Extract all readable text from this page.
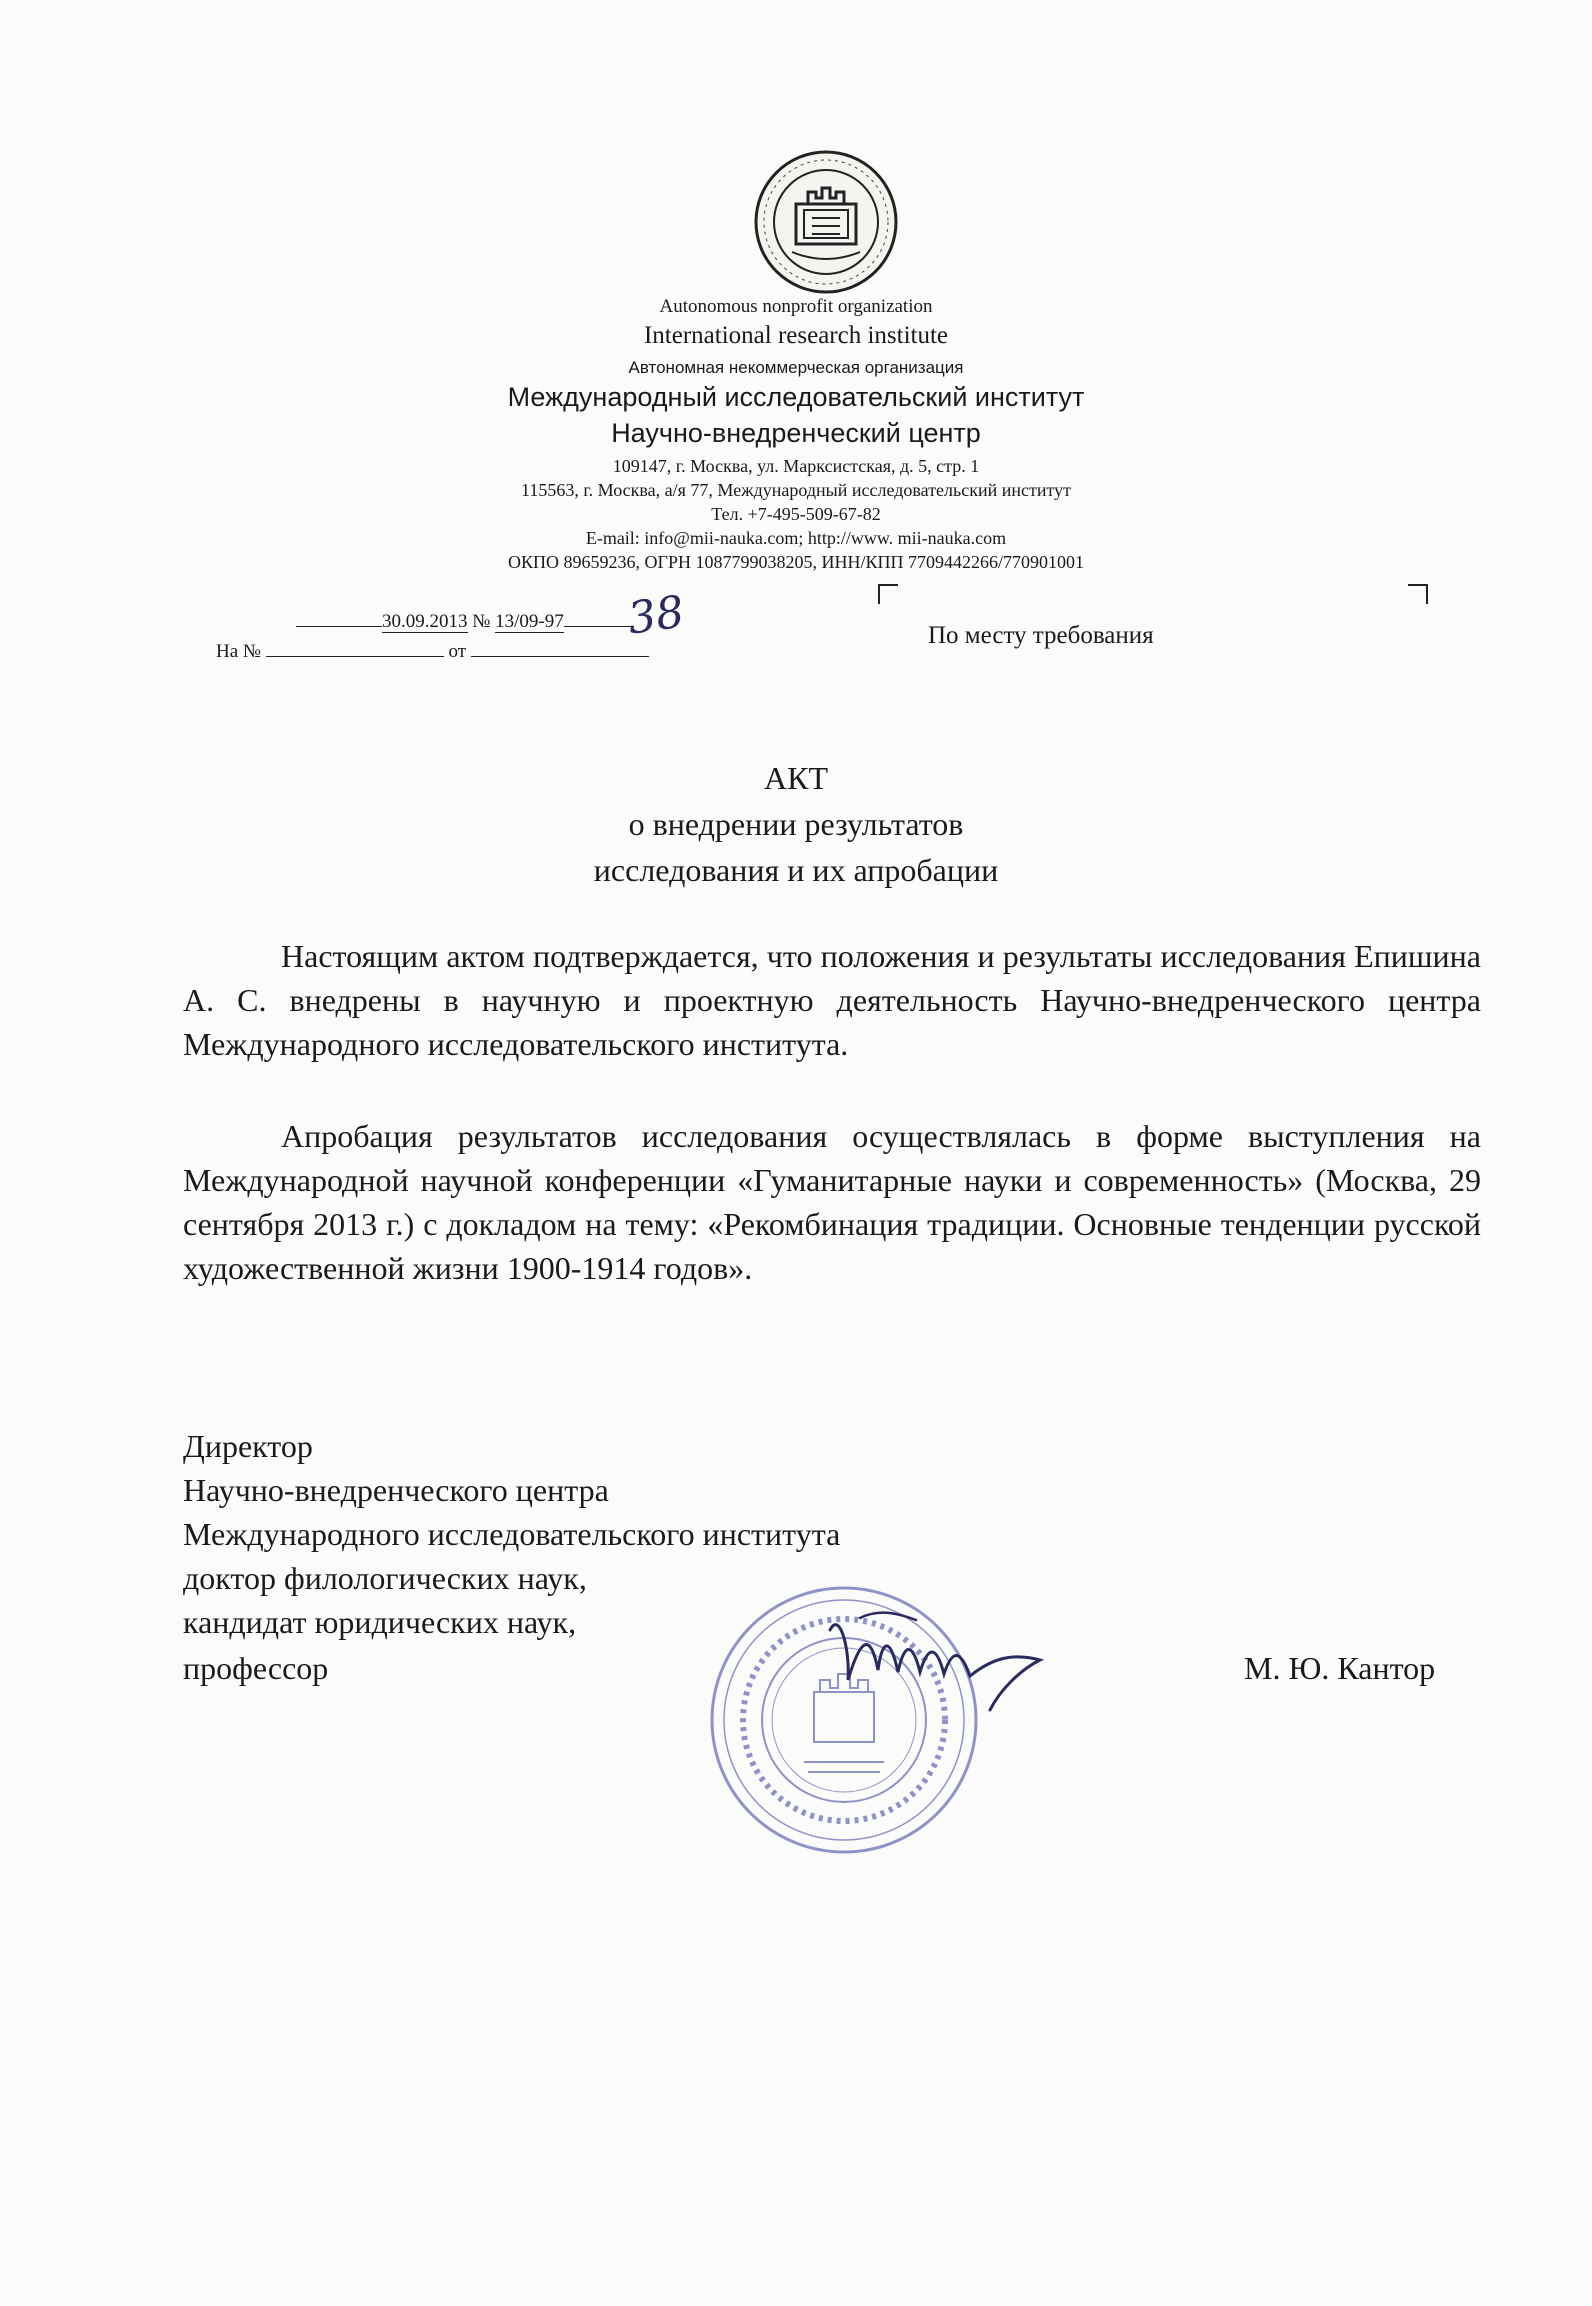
Autonomous nonprofit organization
International research institute
Автономная некоммерческая организация
Международный исследовательский институт
Научно-внедренческий центр
109147, г. Москва, ул. Марксистская, д. 5, стр. 1
115563, г. Москва, а/я 77, Международный исследовательский институт
Тел. +7-495-509-67-82
E-mail: info@mii-nauka.com; http://www. mii-nauka.com
ОКПО 89659236, ОГРН 1087799038205, ИНН/КПП 7709442266/770901001
30.09.2013 № 13/09-97	38
На №	от
По месту требования
АКТ
о внедрении результатов
исследования и их апробации

Настоящим актом подтверждается, что положения и результаты исследования Епишина А. С. внедрены в научную и проектную деятельность Научно-внедренческого центра Международного исследовательского института.

Апробация результатов исследования осуществлялась в форме выступления на Международной научной конференции «Гуманитарные науки и современность» (Москва, 29 сентября 2013 г.) с докладом на тему: «Рекомбинация традиции. Основные тенденции русской художественной жизни 1900-1914 годов».

Директор
Научно-внедренческого центра
Международного исследовательского института
доктор филологических наук,
кандидат юридических наук,
профессор	М. Ю. Кантор
